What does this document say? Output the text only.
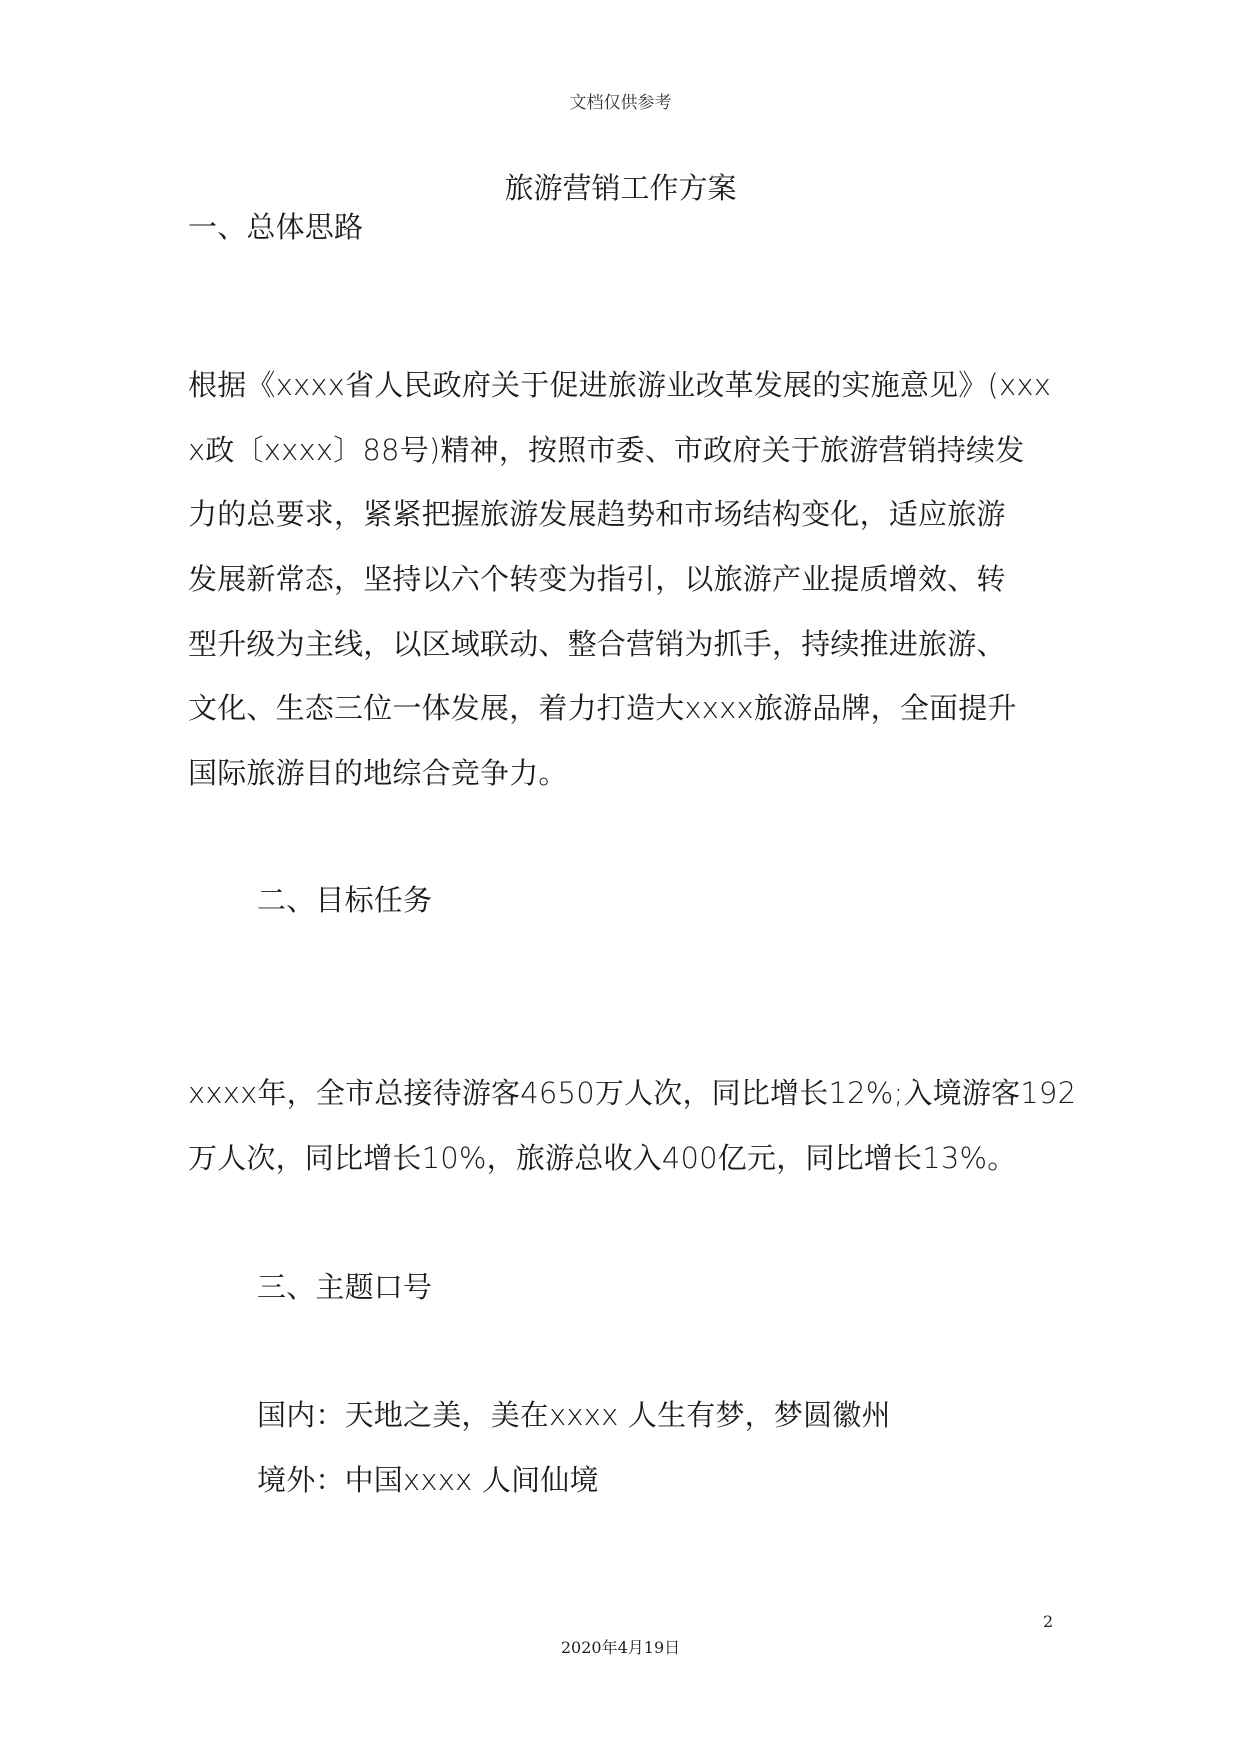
文档仅供参考
旅游营销工作方案
一、总体思路
根据《xxxx省人民政府关于促进旅游业改革发展的实施意见》(xxx
x政〔xxxx〕88号)精神，按照市委、市政府关于旅游营销持续发
力的总要求，紧紧把握旅游发展趋势和市场结构变化，适应旅游
发展新常态，坚持以六个转变为指引，以旅游产业提质增效、转
型升级为主线，以区域联动、整合营销为抓手，持续推进旅游、
文化、生态三位一体发展，着力打造大xxxx旅游品牌，全面提升
国际旅游目的地综合竞争力。
二、目标任务
xxxx年，全市总接待游客4650万人次，同比增长12%;入境游客192
万人次，同比增长10%，旅游总收入400亿元，同比增长13%。
三、主题口号
国内：天地之美，美在xxxx 人生有梦，梦圆徽州
境外：中国xxxx 人间仙境
2
2020年4月19日
